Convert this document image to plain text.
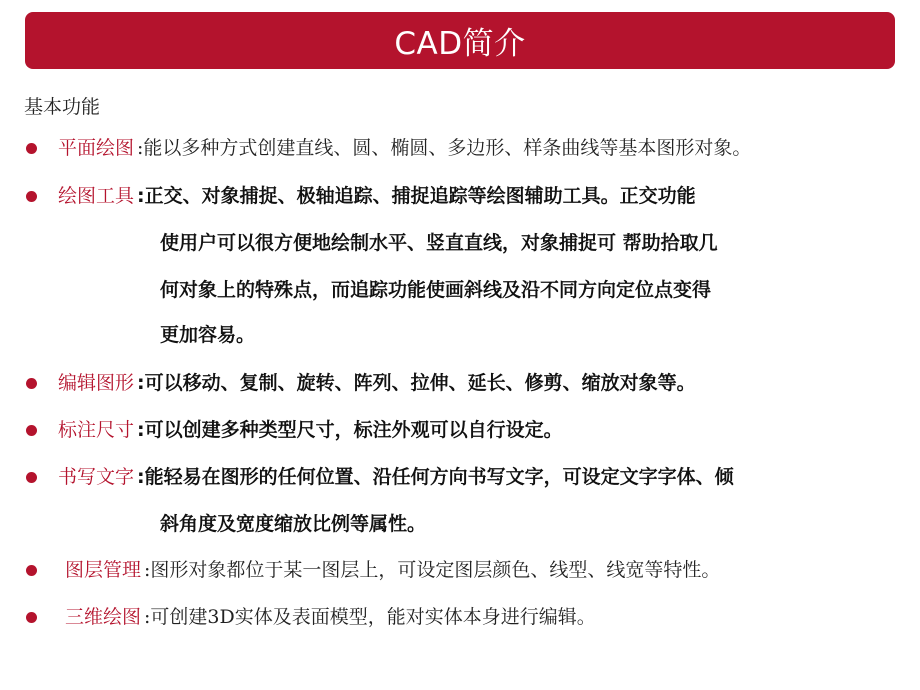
CAD简介
基本功能
平面绘图 :能以多种方式创建直线、圆、椭圆、多边形、样条曲线等基本图形对象。
绘图工具 :正交、对象捕捉、极轴追踪、捕捉追踪等绘图辅助工具。正交功能
使用户可以很方便地绘制水平、竖直直线，对象捕捉可 帮助拾取几
何对象上的特殊点，而追踪功能使画斜线及沿不同方向定位点变得
更加容易。
编辑图形 :可以移动、复制、旋转、阵列、拉伸、延长、修剪、缩放对象等。
标注尺寸 :可以创建多种类型尺寸，标注外观可以自行设定。
书写文字 :能轻易在图形的任何位置、沿任何方向书写文字，可设定文字字体、倾
斜角度及宽度缩放比例等属性。
图层管理 :图形对象都位于某一图层上，可设定图层颜色、线型、线宽等特性。
三维绘图 :可创建3D实体及表面模型，能对实体本身进行编辑。
